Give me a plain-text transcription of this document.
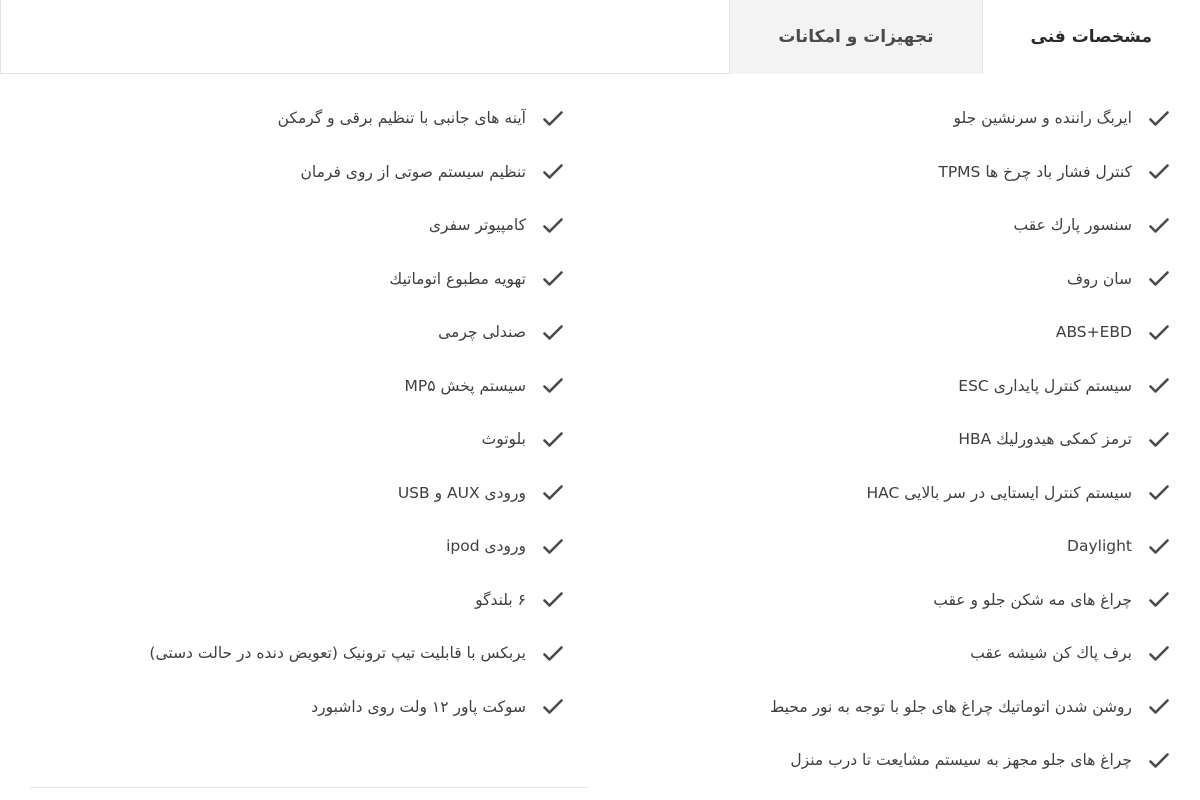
مشخصات فنی
تجهیزات و امکانات
ایربگ راننده و سرنشین جلو
کنترل فشار باد چرخ ها TPMS
سنسور پارك عقب
سان روف
ABS+EBD
سیستم کنترل پایداری ESC
ترمز کمکی هیدورلیك HBA
سیستم کنترل ایستایی در سر بالایی HAC
Daylight
چراغ های مه شکن جلو و عقب
برف پاك کن شیشه عقب
روشن شدن اتوماتیك چراغ های جلو با توجه به نور محیط
چراغ های جلو مجهز به سیستم مشایعت تا درب منزل
آینه های جانبی با تنظیم برقی و گرمکن
تنظیم سیستم صوتی از روی فرمان
کامپیوتر سفری
تهویه مطبوع اتوماتیك
صندلی چرمی
سیستم پخش MP۵
بلوتوث
ورودی AUX و USB
ورودی ipod
۶ بلندگو
یربکس با قابلیت تیپ ترونیک (تعویض دنده در حالت دستی)
سوکت پاور ۱۲ ولت روی داشبورد
